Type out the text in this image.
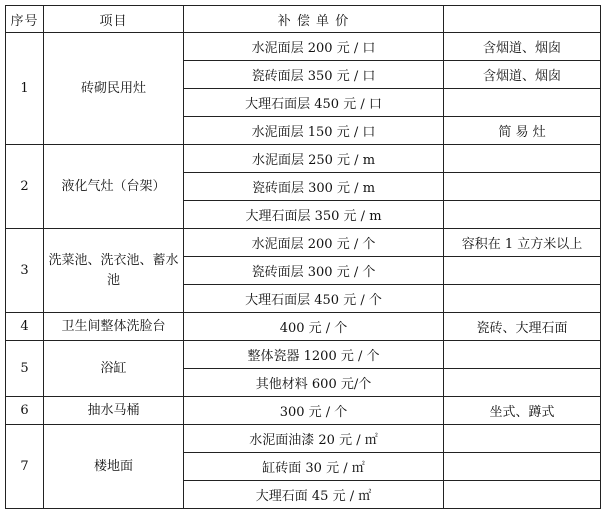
序号	项目	补 偿 单 价	
1	砖砌民用灶	水泥面层 200 元 / 口	含烟道、烟囱
		瓷砖面层 350 元 / 口	含烟道、烟囱
		大理石面层 450 元 / 口	
		水泥面层 150 元 / 口	简 易 灶
2	液化气灶（台架）	水泥面层 250 元 / m	
		瓷砖面层 300 元 / m	
		大理石面层 350 元 / m	
3	洗菜池、洗衣池、蓄水池	水泥面层 200 元 / 个	容积在 1 立方米以上
		瓷砖面层 300 元 / 个	
		大理石面层 450 元 / 个	
4	卫生间整体洗脸台	400 元 / 个	瓷砖、大理石面
5	浴缸	整体瓷器 1200 元 / 个	
		其他材料 600 元/个	
6	抽水马桶	300 元 / 个	坐式、蹲式
7	楼地面	水泥面油漆 20 元 / ㎡	
		缸砖面 30 元 / ㎡	
		大理石面 45 元 / ㎡	
